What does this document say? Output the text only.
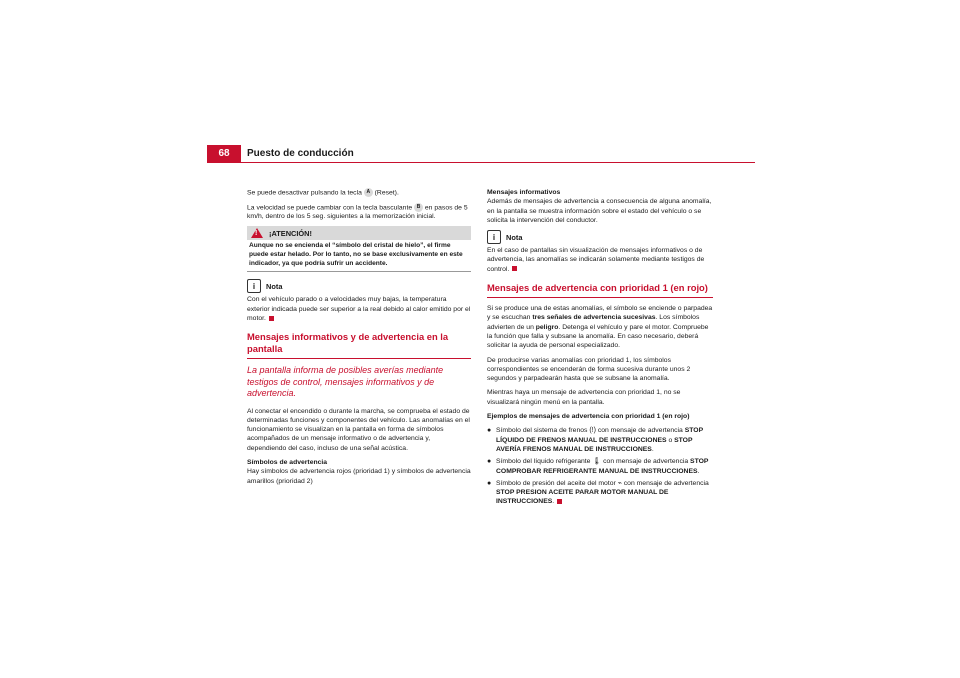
68	Puesto de conducción

Se puede desactivar pulsando la tecla A (Reset).

La velocidad se puede cambiar con la tecla basculante B en pasos de 5 km/h, dentro de los 5 seg. siguientes a la memorización inicial.

!
¡ATENCIÓN!
Aunque no se encienda el “símbolo del cristal de hielo”, el firme puede estar helado. Por lo tanto, no se base exclusivamente en este indicador, ya que podría sufrir un accidente.
i	Nota

Con el vehículo parado o a velocidades muy bajas, la temperatura exterior indicada puede ser superior a la real debido al calor emitido por el motor.

Mensajes informativos y de advertencia en la pantalla
La pantalla informa de posibles averías mediante testigos de control, mensajes informativos y de advertencia.

Al conectar el encendido o durante la marcha, se comprueba el estado de determinadas funciones y componentes del vehículo. Las anomalías en el funcionamiento se visualizan en la pantalla en forma de símbolos acompañados de un mensaje informativo o de advertencia y, dependiendo del caso, incluso de una señal acústica.

Símbolos de advertencia
Hay símbolos de advertencia rojos (prioridad 1) y símbolos de advertencia amarillos (prioridad 2)

Mensajes informativos
Además de mensajes de advertencia a consecuencia de alguna anomalía, en la pantalla se muestra información sobre el estado del vehículo o se solicita la intervención del conductor.

i	Nota

En el caso de pantallas sin visualización de mensajes informativos o de advertencia, las anomalías se indicarán solamente mediante testigos de control.

Mensajes de advertencia con prioridad 1 (en rojo)

Si se produce una de estas anomalías, el símbolo se enciende o parpadea y se escuchan tres señales de advertencia sucesivas. Los símbolos advierten de un peligro. Detenga el vehículo y pare el motor. Compruebe la función que falla y subsane la anomalía. En caso necesario, deberá solicitar la ayuda de personal especializado.

De producirse varias anomalías con prioridad 1, los símbolos correspondientes se encenderán de forma sucesiva durante unos 2 segundos y parpadearán hasta que se subsane la anomalía.

Mientras haya un mensaje de advertencia con prioridad 1, no se visualizará ningún menú en la pantalla.

Ejemplos de mensajes de advertencia con prioridad 1 (en rojo)

● Símbolo del sistema de frenos (!) con mensaje de advertencia STOP LÍQUIDO DE FRENOS MANUAL DE INSTRUCCIONES o STOP AVERÍA FRENOS MANUAL DE INSTRUCCIONES.
● Símbolo del líquido refrigerante 🌡 con mensaje de advertencia STOP COMPROBAR REFRIGERANTE MANUAL DE INSTRUCCIONES.
● Símbolo de presión del aceite del motor ⌁ con mensaje de advertencia STOP PRESION ACEITE PARAR MOTOR MANUAL DE INSTRUCCIONES.
